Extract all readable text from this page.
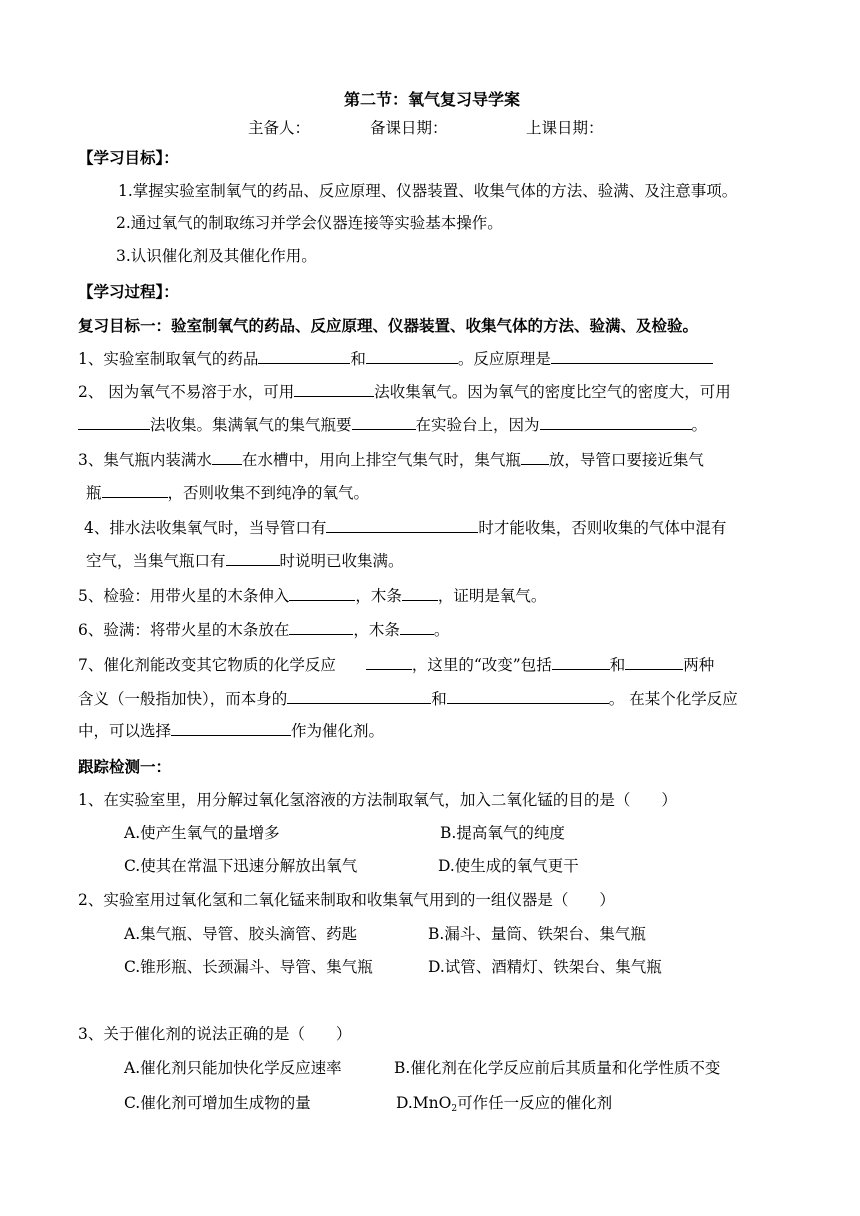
第二节：氧气复习导学案
主备人：	备课日期：	上课日期：
【学习目标】：
1.掌握实验室制氧气的药品、反应原理、仪器装置、收集气体的方法、验满、及注意事项。
2.通过氧气的制取练习并学会仪器连接等实验基本操作。
3.认识催化剂及其催化作用。
【学习过程】：
复习目标一：验室制氧气的药品、反应原理、仪器装置、收集气体的方法、验满、及检验。
1、实验室制取氧气的药品	和	。反应原理是
2、 因为氧气不易溶于水，可用	法收集氧气。因为氧气的密度比空气的密度大，可用
法收集。集满氧气的集气瓶要	在实验台上，因为	。
3、集气瓶内装满水 在水槽中，用向上排空气集气时，集气瓶 放，导管口要接近集气
瓶	，否则收集不到纯净的氧气。
4、排水法收集氧气时，当导管口有	时才能收集，否则收集的气体中混有
空气，当集气瓶口有	时说明已收集满。
5、检验：用带火星的木条伸入	，木条 ，证明是氧气。
6、验满：将带火星的木条放在	，木条 。
7、催化剂能改变其它物质的化学反应	，这里的“改变”包括	和	两种
含义（一般指加快），而本身的	和	。 在某个化学反应
中，可以选择	作为催化剂。
跟踪检测一：
1、在实验室里，用分解过氧化氢溶液的方法制取氧气，加入二氧化锰的目的是（　　）
A.使产生氧气的量增多	B.提高氧气的纯度
C.使其在常温下迅速分解放出氧气	D.使生成的氧气更干
2、实验室用过氧化氢和二氧化锰来制取和收集氧气用到的一组仪器是（　　）
A.集气瓶、导管、胶头滴管、药匙	B.漏斗、量筒、铁架台、集气瓶
C.锥形瓶、长颈漏斗、导管、集气瓶	D.试管、酒精灯、铁架台、集气瓶
3、关于催化剂的说法正确的是（　　）
A.催化剂只能加快化学反应速率	B.催化剂在化学反应前后其质量和化学性质不变
C.催化剂可增加生成物的量	D.MnO$_2$可作任一反应的催化剂
